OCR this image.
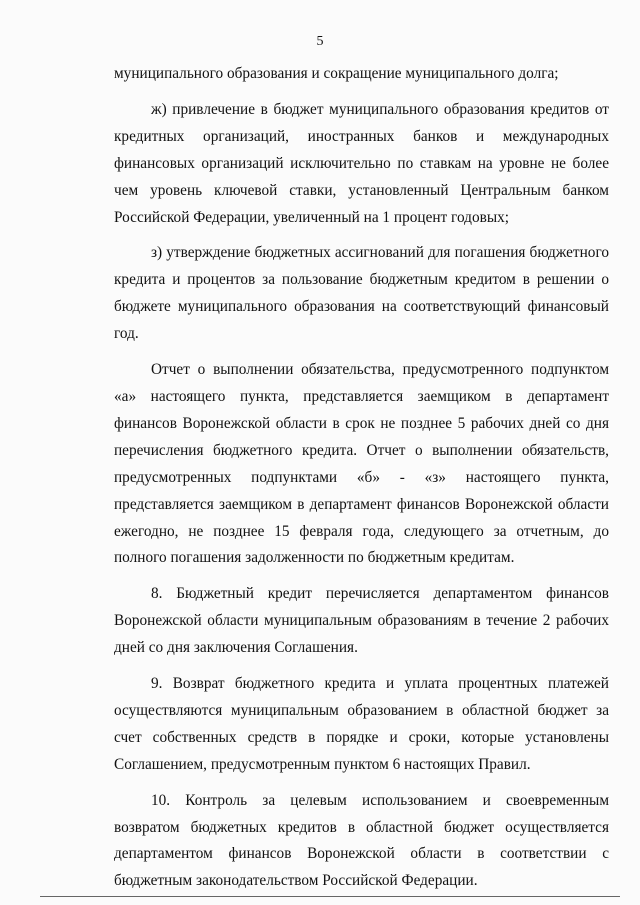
5

муниципального образования и сокращение муниципального долга;

ж) привлечение в бюджет муниципального образования кредитов от кредитных организаций, иностранных банков и международных финансовых организаций исключительно по ставкам на уровне не более чем уровень ключевой ставки, установленный Центральным банком Российской Федерации, увеличенный на 1 процент годовых;

з) утверждение бюджетных ассигнований для погашения бюджетного кредита и процентов за пользование бюджетным кредитом в решении о бюджете муниципального образования на соответствующий финансовый год.

Отчет о выполнении обязательства, предусмотренного подпунктом «а» настоящего пункта, представляется заемщиком в департамент финансов Воронежской области в срок не позднее 5 рабочих дней со дня перечисления бюджетного кредита. Отчет о выполнении обязательств, предусмотренных подпунктами «б» - «з» настоящего пункта, представляется заемщиком в департамент финансов Воронежской области ежегодно, не позднее 15 февраля года, следующего за отчетным, до полного погашения задолженности по бюджетным кредитам.

8. Бюджетный кредит перечисляется департаментом финансов Воронежской области муниципальным образованиям в течение 2 рабочих дней со дня заключения Соглашения.

9. Возврат бюджетного кредита и уплата процентных платежей осуществляются муниципальным образованием в областной бюджет за счет собственных средств в порядке и сроки, которые установлены Соглашением, предусмотренным пунктом 6 настоящих Правил.

10. Контроль за целевым использованием и своевременным возвратом бюджетных кредитов в областной бюджет осуществляется департаментом финансов Воронежской области в соответствии с бюджетным законодательством Российской Федерации.
